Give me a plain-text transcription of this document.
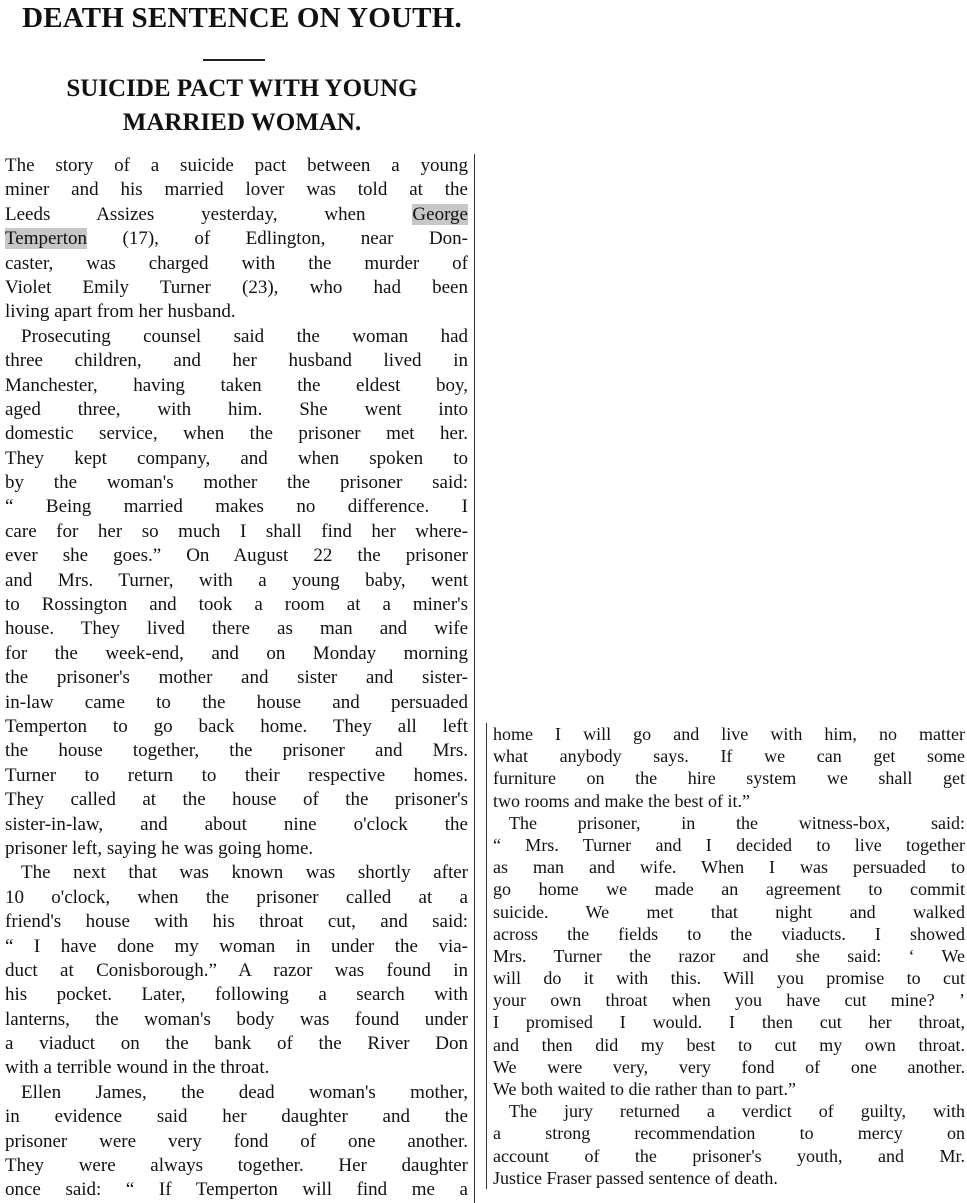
DEATH SENTENCE ON YOUTH.
SUICIDE PACT WITH YOUNG
MARRIED WOMAN.
The story of a suicide pact between a young
miner and his married lover was told at the
Leeds Assizes yesterday, when George
Temperton (17), of Edlington, near Don-
caster, was charged with the murder of
Violet Emily Turner (23), who had been
living apart from her husband.
Prosecuting counsel said the woman had
three children, and her husband lived in
Manchester, having taken the eldest boy,
aged three, with him. She went into
domestic service, when the prisoner met her.
They kept company, and when spoken to
by the woman's mother the prisoner said:
“ Being married makes no difference. I
care for her so much I shall find her where-
ever she goes.” On August 22 the prisoner
and Mrs. Turner, with a young baby, went
to Rossington and took a room at a miner's
house. They lived there as man and wife
for the week-end, and on Monday morning
the prisoner's mother and sister and sister-
in-law came to the house and persuaded
Temperton to go back home. They all left
the house together, the prisoner and Mrs.
Turner to return to their respective homes.
They called at the house of the prisoner's
sister-in-law, and about nine o'clock the
prisoner left, saying he was going home.
The next that was known was shortly after
10 o'clock, when the prisoner called at a
friend's house with his throat cut, and said:
“ I have done my woman in under the via-
duct at Conisborough.” A razor was found in
his pocket. Later, following a search with
lanterns, the woman's body was found under
a viaduct on the bank of the River Don
with a terrible wound in the throat.
Ellen James, the dead woman's mother,
in evidence said her daughter and the
prisoner were very fond of one another.
They were always together. Her daughter
once said: “ If Temperton will find me a
home I will go and live with him, no matter
what anybody says. If we can get some
furniture on the hire system we shall get
two rooms and make the best of it.”
The prisoner, in the witness-box, said:
“ Mrs. Turner and I decided to live together
as man and wife. When I was persuaded to
go home we made an agreement to commit
suicide. We met that night and walked
across the fields to the viaducts. I showed
Mrs. Turner the razor and she said: ‘ We
will do it with this. Will you promise to cut
your own throat when you have cut mine? ’
I promised I would. I then cut her throat,
and then did my best to cut my own throat.
We were very, very fond of one another.
We both waited to die rather than to part.”
The jury returned a verdict of guilty, with
a strong recommendation to mercy on
account of the prisoner's youth, and Mr.
Justice Fraser passed sentence of death.
